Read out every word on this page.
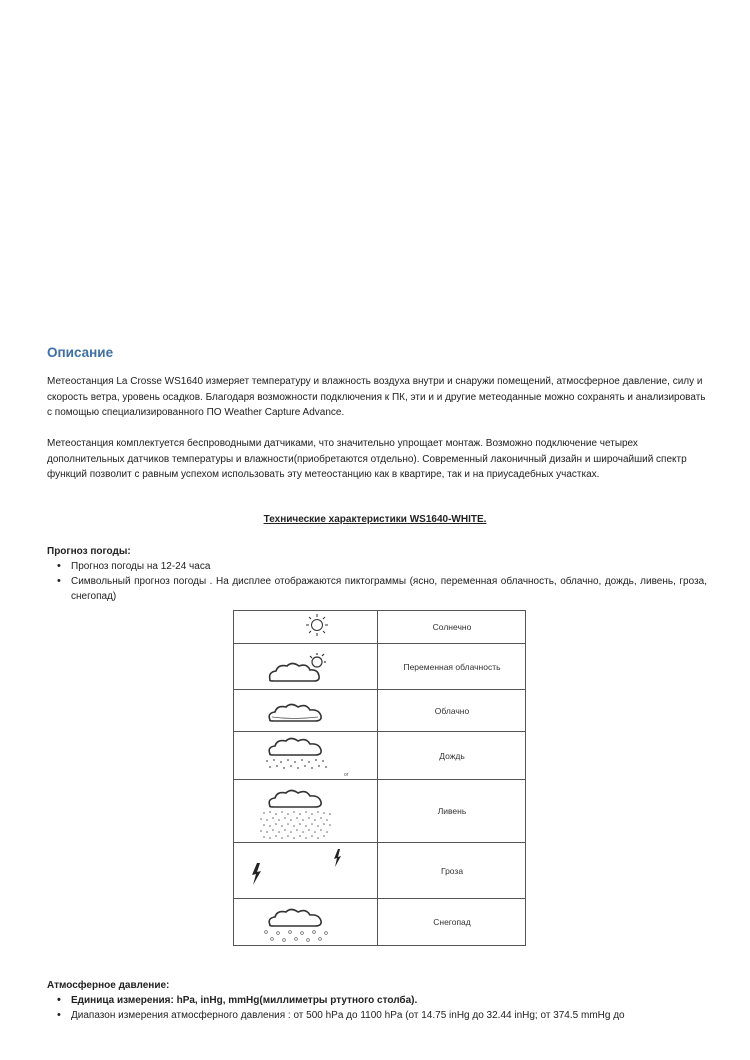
Описание
Метеостанция La Crosse WS1640 измеряет температуру и влажность воздуха внутри и снаружи помещений, атмосферное давление, силу и скорость ветра, уровень осадков. Благодаря возможности подключения к ПК, эти и и другие метеоданные можно сохранять и анализировать с помощью специализированного ПО Weather Capture Advance.
Метеостанция комплектуется беспроводными датчиками, что значительно упрощает монтаж. Возможно подключение четырех дополнительных датчиков температуры и влажности(приобретаются отдельно). Современный лаконичный дизайн и широчайший спектр функций позволит с равным успехом использовать эту метеостанцию как в квартире, так и на приусадебных участках.
Технические характеристики WS1640-WHITE.
Прогноз погоды:
• Прогноз погоды на 12-24 часа
• Символьный прогноз погоды . На дисплее отображаются пиктограммы (ясно, переменная облачность, облачно, дождь, ливень, гроза, снегопад)
Солнечно
Переменная облачность
Облачно
or
Дождь
Ливень
Гроза
Снегопад
Атмосферное давление:
• Единица измерения: hPa, inHg, mmHg(миллиметры ртутного столба).
• Диапазон измерения атмосферного давления : от 500 hPa до 1100 hPa (от 14.75 inHg до 32.44 inHg; от 374.5 mmHg до
